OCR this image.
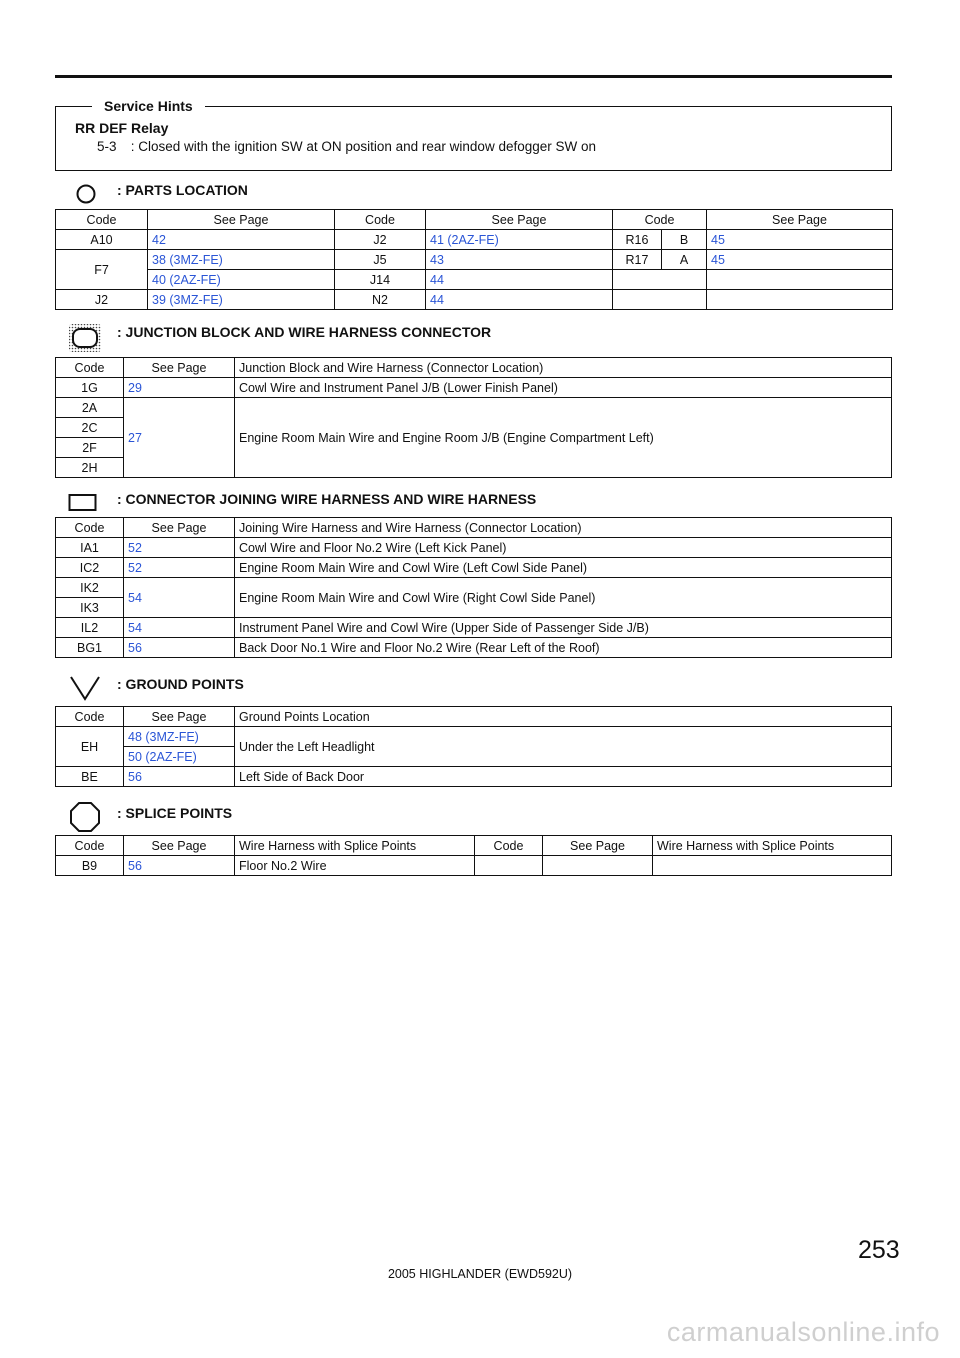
Service Hints
RR DEF Relay
5-3 : Closed with the ignition SW at ON position and rear window defogger SW on
: PARTS LOCATION
Code	See Page	Code	See Page	Code		See Page
A10	42	J2	41 (2AZ-FE)	R16	B	45
F7	38 (3MZ-FE)	J5	43	R17	A	45
	40 (2AZ-FE)	J14	44			
J2	39 (3MZ-FE)	N2	44			
: JUNCTION BLOCK AND WIRE HARNESS CONNECTOR
Code	See Page	Junction Block and Wire Harness (Connector Location)
1G	29	Cowl Wire and Instrument Panel J/B (Lower Finish Panel)
2A	27	Engine Room Main Wire and Engine Room J/B (Engine Compartment Left)
2C		
2F		
2H		
: CONNECTOR JOINING WIRE HARNESS AND WIRE HARNESS
Code	See Page	Joining Wire Harness and Wire Harness (Connector Location)
IA1	52	Cowl Wire and Floor No.2 Wire (Left Kick Panel)
IC2	52	Engine Room Main Wire and Cowl Wire (Left Cowl Side Panel)
IK2	54	Engine Room Main Wire and Cowl Wire (Right Cowl Side Panel)
IK3		
IL2	54	Instrument Panel Wire and Cowl Wire (Upper Side of Passenger Side J/B)
BG1	56	Back Door No.1 Wire and Floor No.2 Wire (Rear Left of the Roof)
: GROUND POINTS
Code	See Page	Ground Points Location
EH	48 (3MZ-FE)	Under the Left Headlight
	50 (2AZ-FE)	
BE	56	Left Side of Back Door
: SPLICE POINTS
Code	See Page	Wire Harness with Splice Points	Code	See Page	Wire Harness with Splice Points
B9	56	Floor No.2 Wire			
253
2005 HIGHLANDER (EWD592U)
carmanualsonline.info
